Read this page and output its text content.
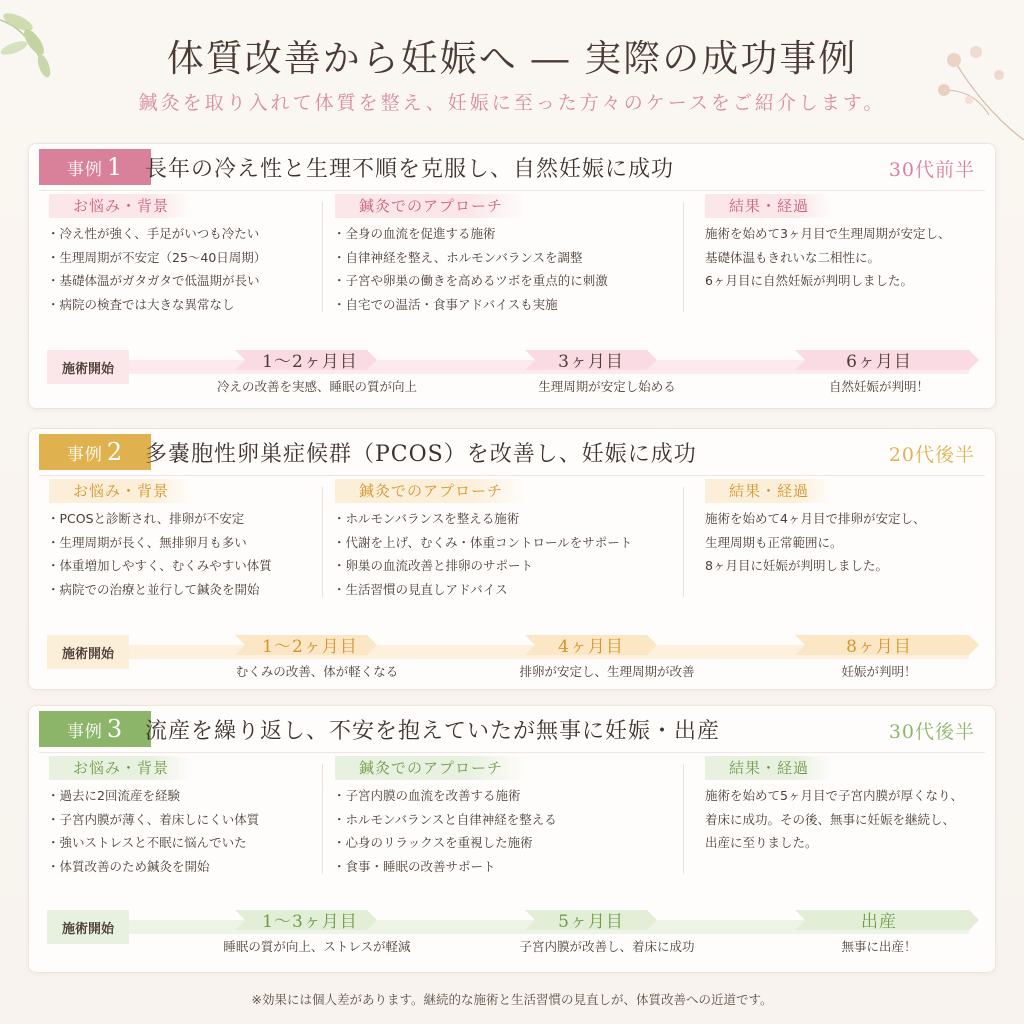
体質改善から妊娠へ ― 実際の成功事例
鍼灸を取り入れて体質を整え、妊娠に至った方々のケースをご紹介します。
事例 1 長年の冷え性と生理不順を克服し、自然妊娠に成功	30代前半
お悩み・背景
・冷え性が強く、手足がいつも冷たい
・生理周期が不安定（25〜40日周期）
・基礎体温がガタガタで低温期が長い
・病院の検査では大きな異常なし
鍼灸でのアプローチ
・全身の血流を促進する施術
・自律神経を整え、ホルモンバランスを調整
・子宮や卵巣の働きを高めるツボを重点的に刺激
・自宅での温活・食事アドバイスも実施
結果・経過
施術を始めて3ヶ月目で生理周期が安定し、
基礎体温もきれいな二相性に。
6ヶ月目に自然妊娠が判明しました。
施術開始	1〜2ヶ月目
冷えの改善を実感、睡眠の質が向上
3ヶ月目
生理周期が安定し始める
6ヶ月目
自然妊娠が判明！
事例 2 多嚢胞性卵巣症候群（PCOS）を改善し、妊娠に成功	20代後半
お悩み・背景
・PCOSと診断され、排卵が不安定
・生理周期が長く、無排卵月も多い
・体重増加しやすく、むくみやすい体質
・病院での治療と並行して鍼灸を開始
鍼灸でのアプローチ
・ホルモンバランスを整える施術
・代謝を上げ、むくみ・体重コントロールをサポート
・卵巣の血流改善と排卵のサポート
・生活習慣の見直しアドバイス
結果・経過
施術を始めて4ヶ月目で排卵が安定し、
生理周期も正常範囲に。
8ヶ月目に妊娠が判明しました。
施術開始	1〜2ヶ月目
むくみの改善、体が軽くなる
4ヶ月目
排卵が安定し、生理周期が改善
8ヶ月目
妊娠が判明！
事例 3 流産を繰り返し、不安を抱えていたが無事に妊娠・出産	30代後半
お悩み・背景
・過去に2回流産を経験
・子宮内膜が薄く、着床しにくい体質
・強いストレスと不眠に悩んでいた
・体質改善のため鍼灸を開始
鍼灸でのアプローチ
・子宮内膜の血流を改善する施術
・ホルモンバランスと自律神経を整える
・心身のリラックスを重視した施術
・食事・睡眠の改善サポート
結果・経過
施術を始めて5ヶ月目で子宮内膜が厚くなり、
着床に成功。その後、無事に妊娠を継続し、
出産に至りました。
施術開始	1〜3ヶ月目
睡眠の質が向上、ストレスが軽減
5ヶ月目
子宮内膜が改善し、着床に成功
出産
無事に出産！
※効果には個人差があります。継続的な施術と生活習慣の見直しが、体質改善への近道です。
